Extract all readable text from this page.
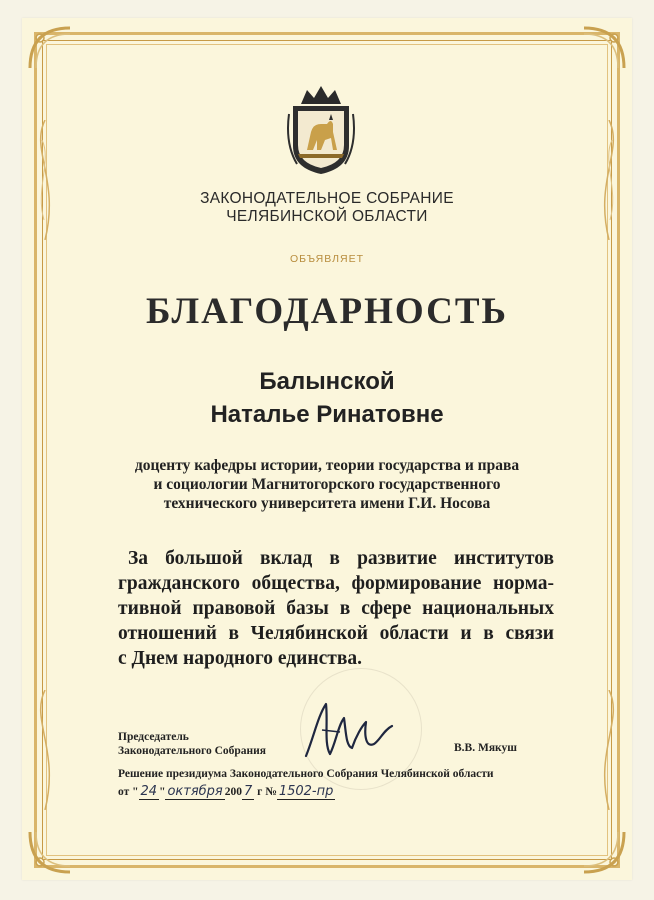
ЗАКОНОДАТЕЛЬНОЕ СОБРАНИЕ
ЧЕЛЯБИНСКОЙ ОБЛАСТИ
ОБЪЯВЛЯЕТ
БЛАГОДАРНОСТЬ
Балынской
Наталье Ринатовне
доценту кафедры истории, теории государства и права
и социологии Магнитогорского государственного
технического университета имени Г.И. Носова
За большой вклад в развитие институтов
гражданского общества, формирование норма-
тивной правовой базы в сфере национальных
отношений в Челябинской области и в связи
с Днем народного единства.
Председатель
Законодательного Собрания	В.В. Мякуш
Решение президиума Законодательного Собрания Челябинской области
от " 24 " октября 200 7 г № 1502-пр
